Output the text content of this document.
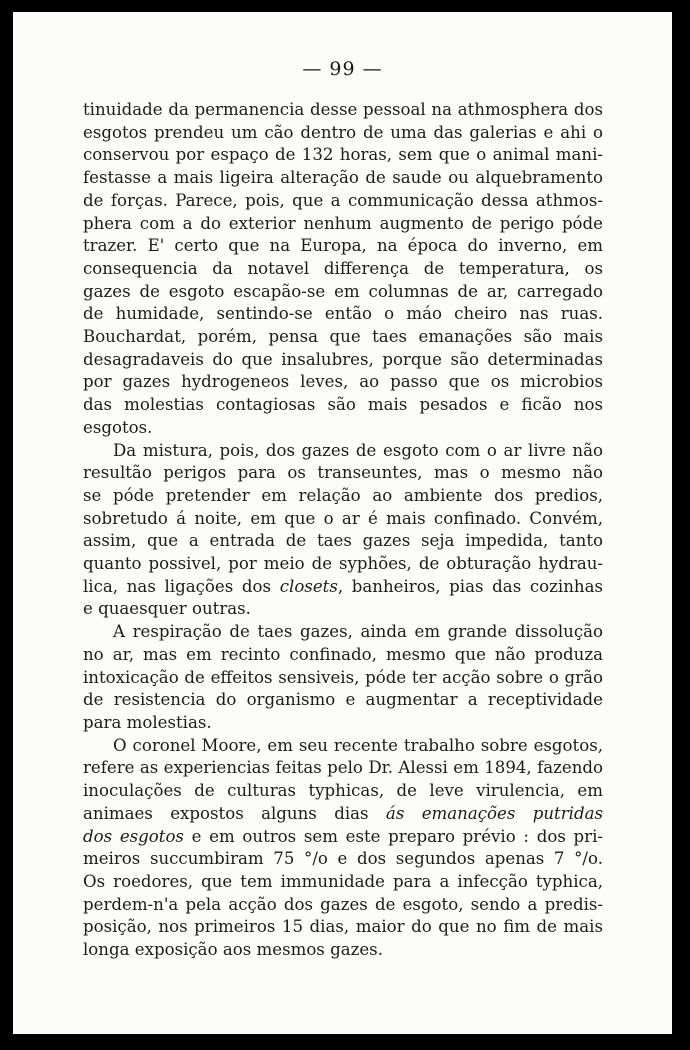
— 99 —
tinuidade da permanencia desse pessoal na athmosphera dos
esgotos prendeu um cão dentro de uma das galerias e ahi o
conservou por espaço de 132 horas, sem que o animal mani-
festasse a mais ligeira alteração de saude ou alquebramento
de forças. Parece, pois, que a communicação dessa athmos-
phera com a do exterior nenhum augmento de perigo póde
trazer. E' certo que na Europa, na época do inverno, em
consequencia da notavel differença de temperatura, os
gazes de esgoto escapão-se em columnas de ar, carregado
de humidade, sentindo-se então o máo cheiro nas ruas.
Bouchardat, porém, pensa que taes emanações são mais
desagradaveis do que insalubres, porque são determinadas
por gazes hydrogeneos leves, ao passo que os microbios
das molestias contagiosas são mais pesados e ficão nos
esgotos.
Da mistura, pois, dos gazes de esgoto com o ar livre não
resultão perigos para os transeuntes, mas o mesmo não
se póde pretender em relação ao ambiente dos predios,
sobretudo á noite, em que o ar é mais confinado. Convém,
assim, que a entrada de taes gazes seja impedida, tanto
quanto possivel, por meio de syphões, de obturação hydrau-
lica, nas ligações dos closets, banheiros, pias das cozinhas
e quaesquer outras.
A respiração de taes gazes, ainda em grande dissolução
no ar, mas em recinto confinado, mesmo que não produza
intoxicação de effeitos sensiveis, póde ter acção sobre o grão
de resistencia do organismo e augmentar a receptividade
para molestias.
O coronel Moore, em seu recente trabalho sobre esgotos,
refere as experiencias feitas pelo Dr. Alessi em 1894, fazendo
inoculações de culturas typhicas, de leve virulencia, em
animaes expostos alguns dias ás emanações putridas
dos esgotos e em outros sem este preparo prévio : dos pri-
meiros succumbiram 75 °/o e dos segundos apenas 7 °/o.
Os roedores, que tem immunidade para a infecção typhica,
perdem-n'a pela acção dos gazes de esgoto, sendo a predis-
posição, nos primeiros 15 dias, maior do que no fim de mais
longa exposição aos mesmos gazes.
